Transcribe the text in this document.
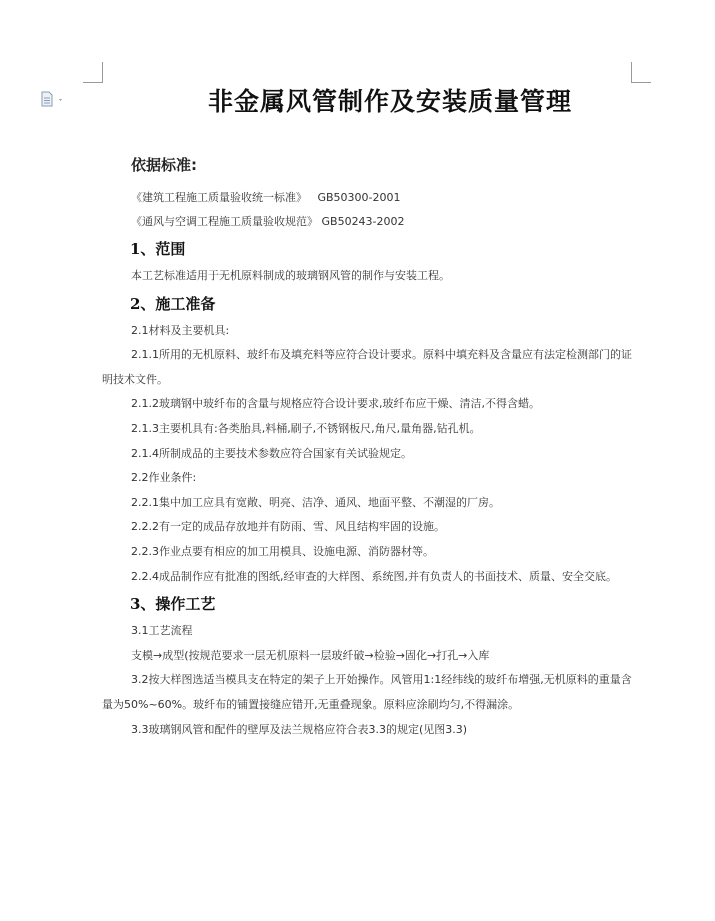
非金属风管制作及安装质量管理
依据标准:
《建筑工程施工质量验收统一标准》   GB50300-2001
《通风与空调工程施工质量验收规范》 GB50243-2002
1、范围
本工艺标准适用于无机原料制成的玻璃钢风管的制作与安装工程。
2、施工准备
2.1材料及主要机具:
2.1.1所用的无机原料、玻纤布及填充料等应符合设计要求。原料中填充料及含量应有法定检测部门的证明技术文件。
2.1.2玻璃钢中玻纤布的含量与规格应符合设计要求,玻纤布应干燥、清洁,不得含蜡。
2.1.3主要机具有:各类胎具,料桶,刷子,不锈钢板尺,角尺,量角器,钻孔机。
2.1.4所制成品的主要技术参数应符合国家有关试验规定。
2.2作业条件:
2.2.1集中加工应具有宽敞、明亮、洁净、通风、地面平整、不潮湿的厂房。
2.2.2有一定的成品存放地并有防雨、雪、风且结构牢固的设施。
2.2.3作业点要有相应的加工用模具、设施电源、消防器材等。
2.2.4成品制作应有批准的图纸,经审查的大样图、系统图,并有负责人的书面技术、质量、安全交底。
3、操作工艺
3.1工艺流程
支模→成型(按规范要求一层无机原料一层玻纤破→检验→固化→打孔→入库
3.2按大样图选适当模具支在特定的架子上开始操作。风管用1:1经纬线的玻纤布增强,无机原料的重量含量为50%~60%。玻纤布的铺置接缝应错开,无重叠现象。原料应涂刷均匀,不得漏涂。
3.3玻璃钢风管和配件的壁厚及法兰规格应符合表3.3的规定(见图3.3)
